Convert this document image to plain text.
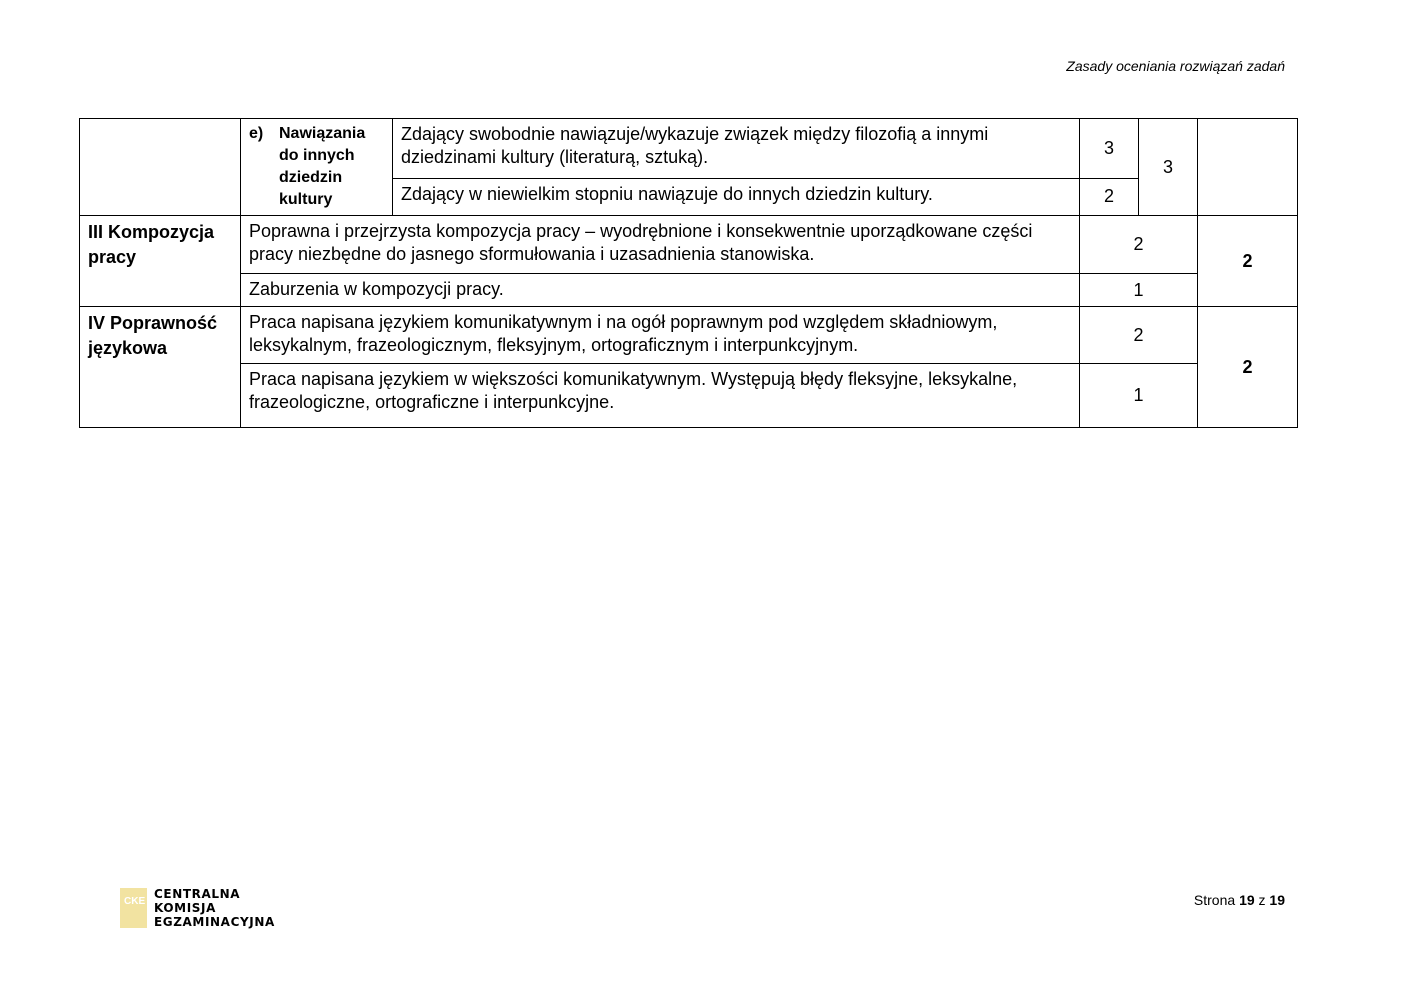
Zasady oceniania rozwiązań zadań

	e) Nawiązania do innych dziedzin kultury	Zdający swobodnie nawiązuje/wykazuje związek między filozofią a innymi dziedzinami kultury (literaturą, sztuką).	3	3	
		Zdający w niewielkim stopniu nawiązuje do innych dziedzin kultury.	2		
III Kompozycja pracy	Poprawna i przejrzysta kompozycja pracy – wyodrębnione i konsekwentnie uporządkowane części pracy niezbędne do jasnego sformułowania i uzasadnienia stanowiska.		2		2
	Zaburzenia w kompozycji pracy.		1		
IV Poprawność językowa	Praca napisana językiem komunikatywnym i na ogół poprawnym pod względem składniowym, leksykalnym, frazeologicznym, fleksyjnym, ortograficznym i interpunkcyjnym.		2		2
	Praca napisana językiem w większości komunikatywnym. Występują błędy fleksyjne, leksykalne, frazeologiczne, ortograficzne i interpunkcyjne.		1		
CKE
CENTRALNA
KOMISJA
EGZAMINACYJNA
Strona 19 z 19
